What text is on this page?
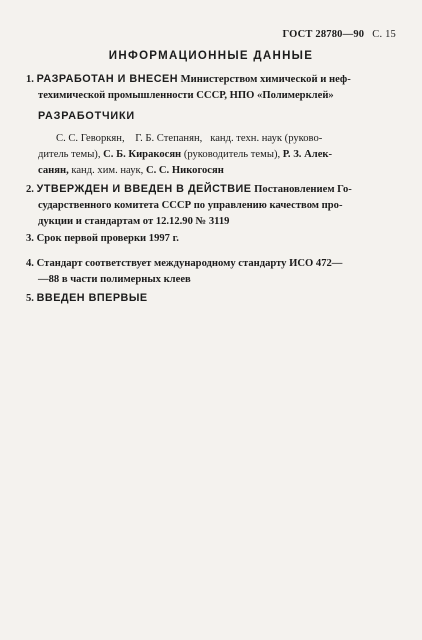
ГОСТ 28780—90 С. 15
ИНФОРМАЦИОННЫЕ ДАННЫЕ
1. РАЗРАБОТАН И ВНЕСЕН Министерством химической и неф-
техимической промышленности СССР, НПО «Полимерклей»
РАЗРАБОТЧИКИ
С. С. Геворкян,    Г. Б. Степанян,   канд. техн. наук (руково-
дитель темы), С. Б. Киракосян (руководитель темы), Р. З. Алек-
санян, канд. хим. наук, С. С. Никогосян
2. УТВЕРЖДЕН И ВВЕДЕН В ДЕЙСТВИЕ Постановлением Го-
сударственного комитета СССР по управлению качеством про-
дукции и стандартам от 12.12.90 № 3119
3. Срок первой проверки 1997 г.
4. Стандарт соответствует международному стандарту ИСО 472—
—88 в части полимерных клеев
5. ВВЕДЕН ВПЕРВЫЕ
